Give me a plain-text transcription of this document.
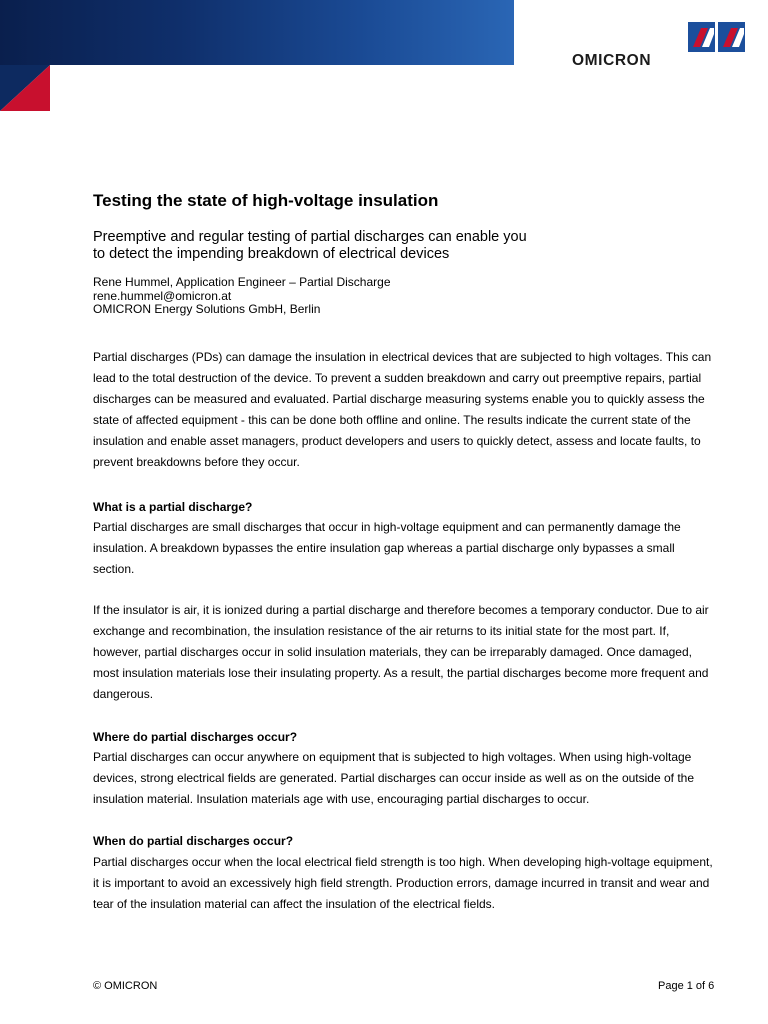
OMICRON
Testing the state of high-voltage insulation
Preemptive and regular testing of partial discharges can enable you
to detect the impending breakdown of electrical devices
Rene Hummel, Application Engineer – Partial Discharge
rene.hummel@omicron.at
OMICRON Energy Solutions GmbH, Berlin

Partial discharges (PDs) can damage the insulation in electrical devices that are subjected to high voltages. This can lead to the total destruction of the device. To prevent a sudden breakdown and carry out preemptive repairs, partial discharges can be measured and evaluated. Partial discharge measuring systems enable you to quickly assess the state of affected equipment - this can be done both offline and online. The results indicate the current state of the insulation and enable asset managers, product developers and users to quickly detect, assess and locate faults, to prevent breakdowns before they occur.

What is a partial discharge?

Partial discharges are small discharges that occur in high-voltage equipment and can permanently damage the insulation. A breakdown bypasses the entire insulation gap whereas a partial discharge only bypasses a small section.

If the insulator is air, it is ionized during a partial discharge and therefore becomes a temporary conductor. Due to air exchange and recombination, the insulation resistance of the air returns to its initial state for the most part. If, however, partial discharges occur in solid insulation materials, they can be irreparably damaged. Once damaged, most insulation materials lose their insulating property. As a result, the partial discharges become more frequent and dangerous.

Where do partial discharges occur?

Partial discharges can occur anywhere on equipment that is subjected to high voltages. When using high-voltage devices, strong electrical fields are generated. Partial discharges can occur inside as well as on the outside of the insulation material. Insulation materials age with use, encouraging partial discharges to occur.

When do partial discharges occur?

Partial discharges occur when the local electrical field strength is too high. When developing high-voltage equipment, it is important to avoid an excessively high field strength. Production errors, damage incurred in transit and wear and tear of the insulation material can affect the insulation of the electrical fields.

© OMICRON	Page 1 of 6
